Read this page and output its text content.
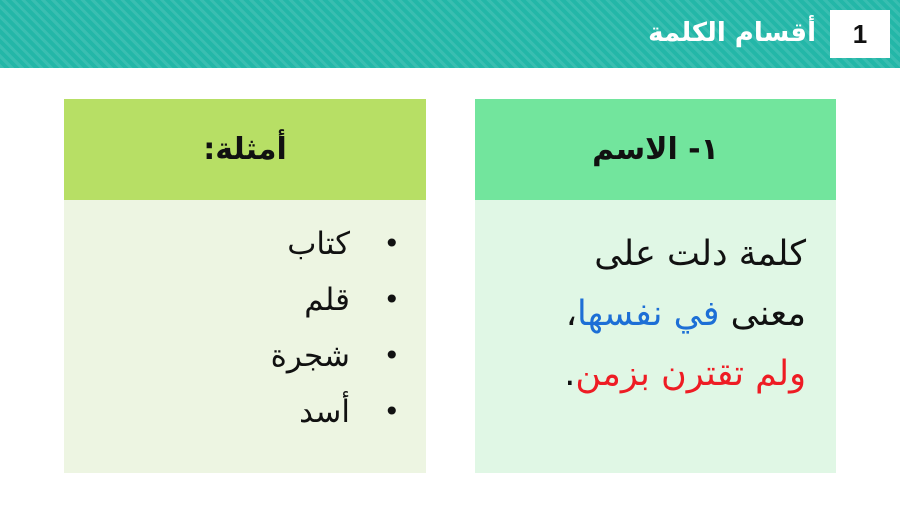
أقسام الكلمة	1
أمثلة:
•
كتاب
•
قلم
•
شجرة
•
أسد
١- الاسم
كلمة دلت على
معنى في نفسها،
ولم تقترن بزمن.
